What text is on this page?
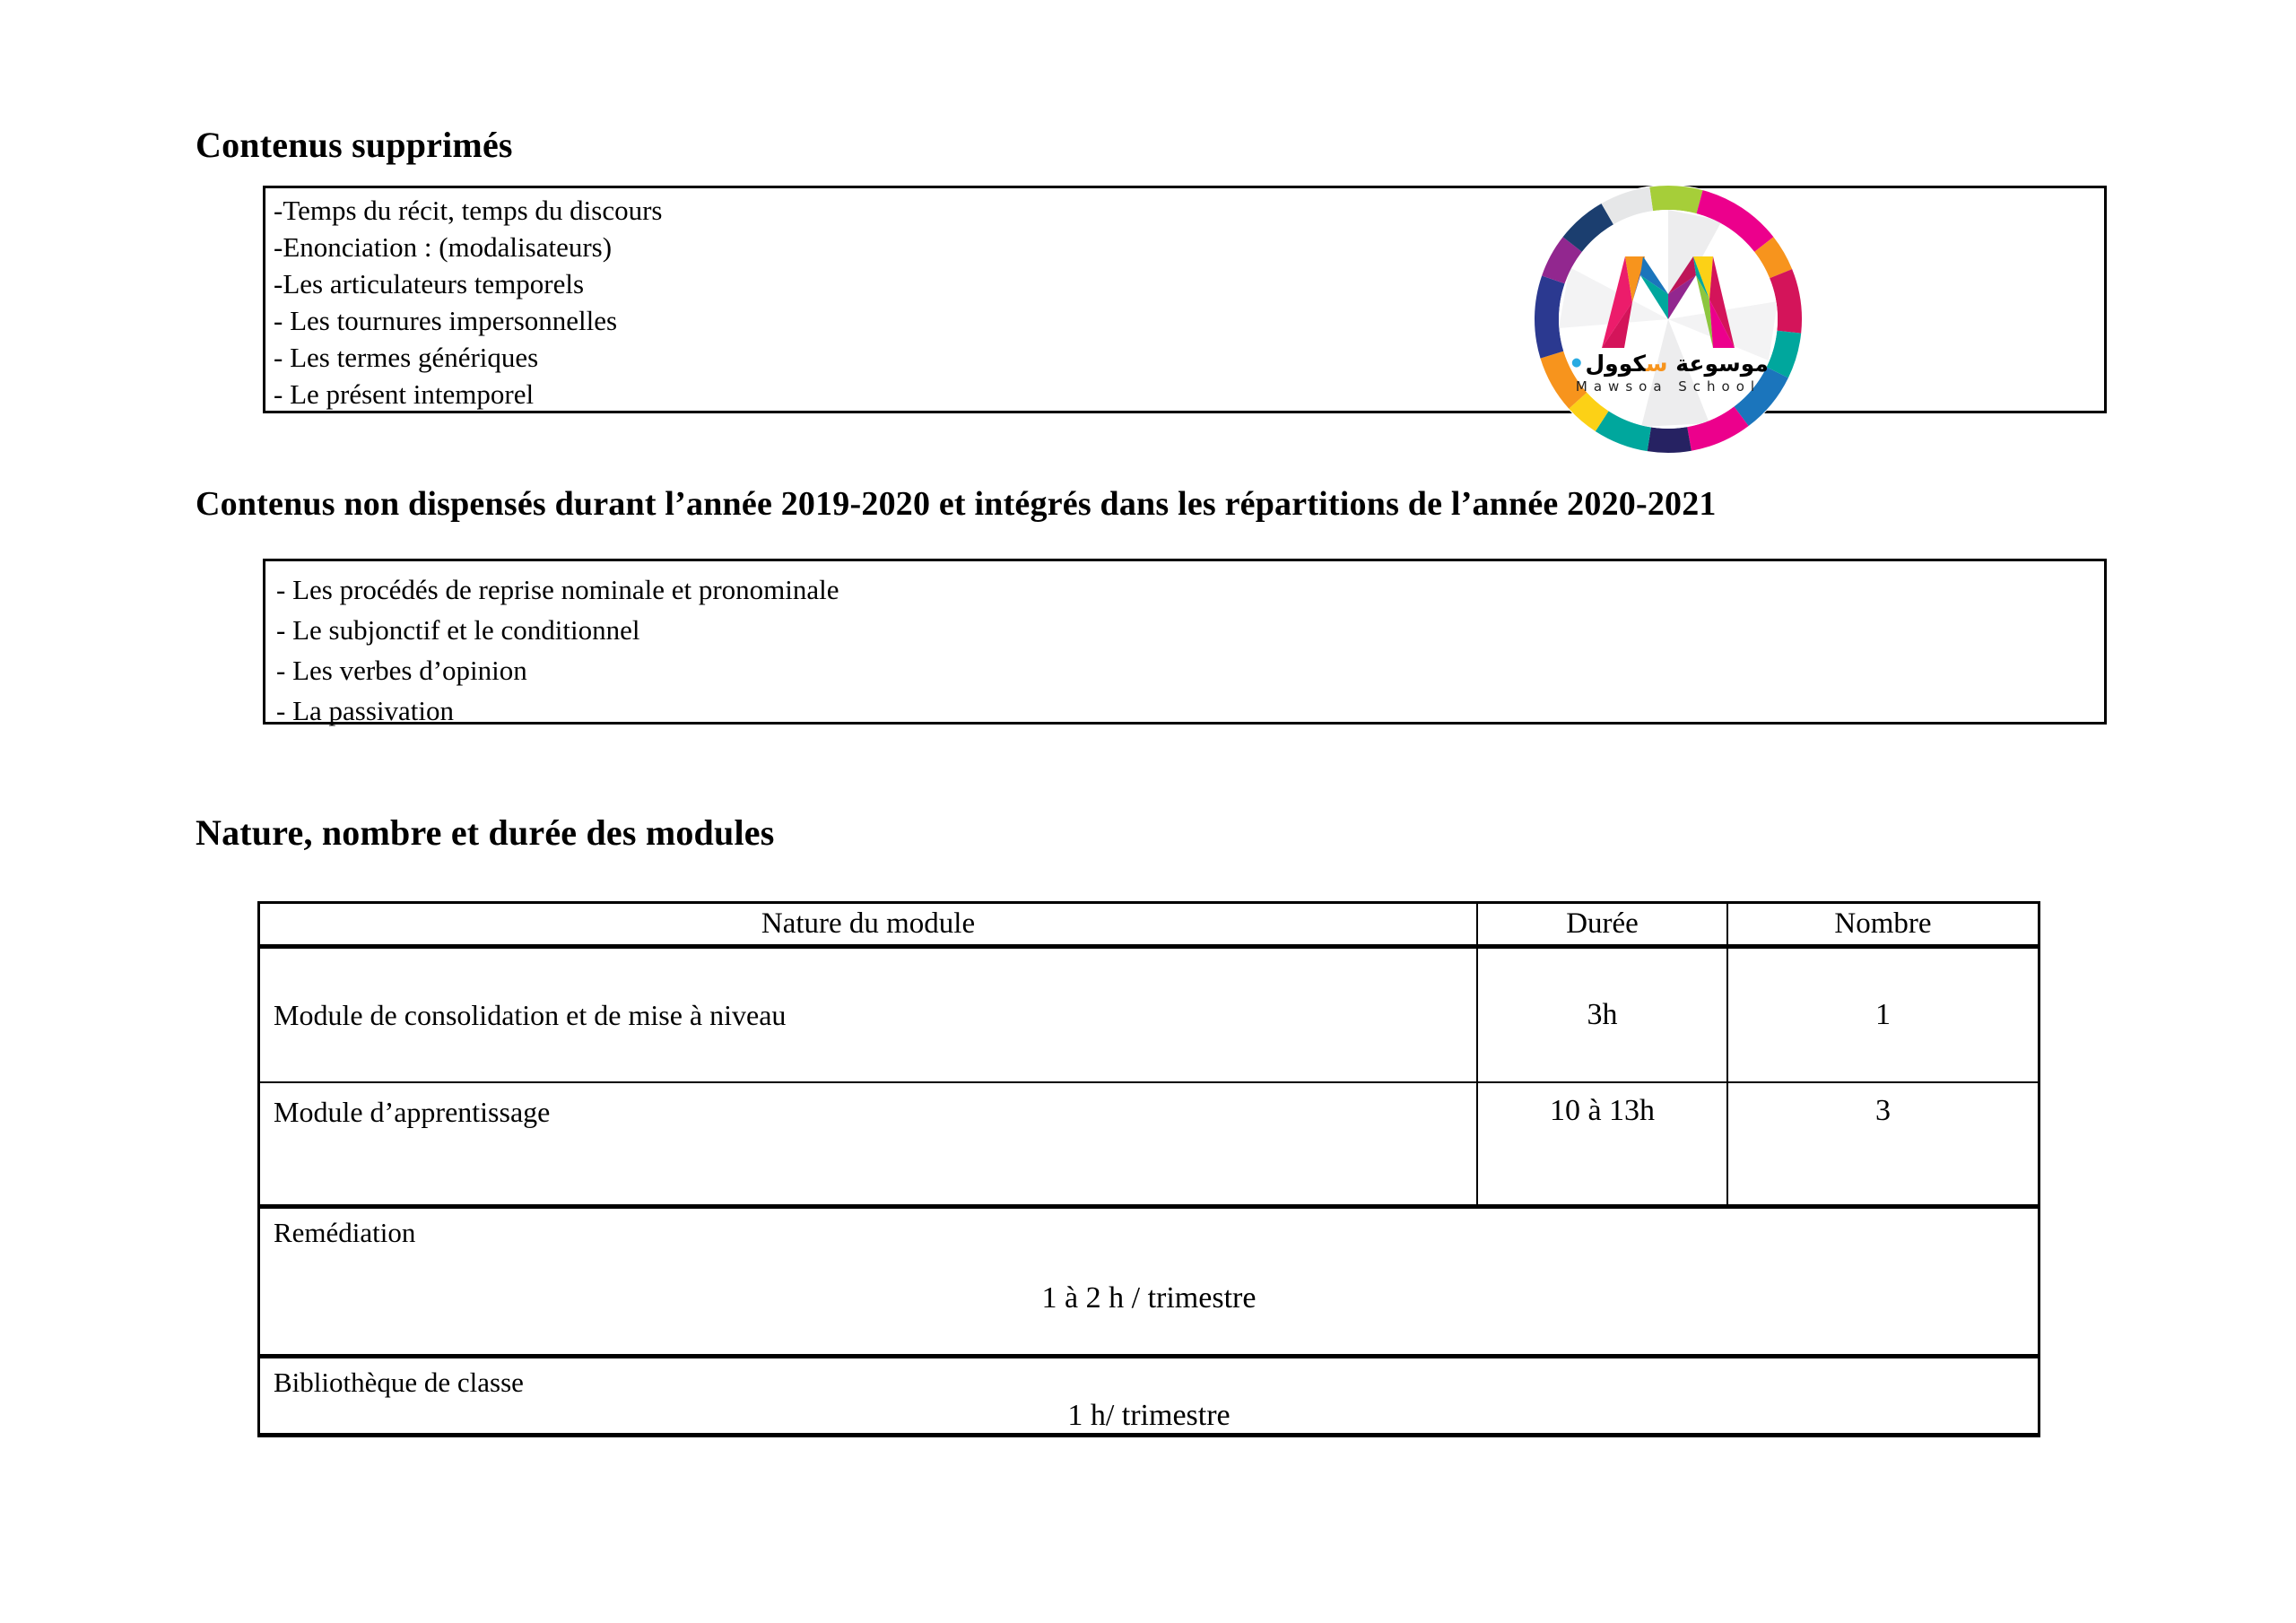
Contenus supprimés
-Temps du récit, temps du discours
-Enonciation : (modalisateurs)
-Les articulateurs temporels
- Les tournures impersonnelles
- Les termes génériques
- Le présent intemporel
موسوعة سكوول●
Mawsoa School
Contenus non dispensés durant l’année 2019-2020 et intégrés dans les répartitions de l’année 2020-2021
- Les procédés de reprise nominale et pronominale
- Le subjonctif et le conditionnel
- Les verbes d’opinion
- La passivation
Nature, nombre et durée des modules
Nature du module	Durée	Nombre
Module de consolidation et de mise à niveau	3h	1
Module d’apprentissage	10 à 13h	3
Remédiation
1 à 2 h / trimestre
Bibliothèque de classe
1 h/ trimestre
